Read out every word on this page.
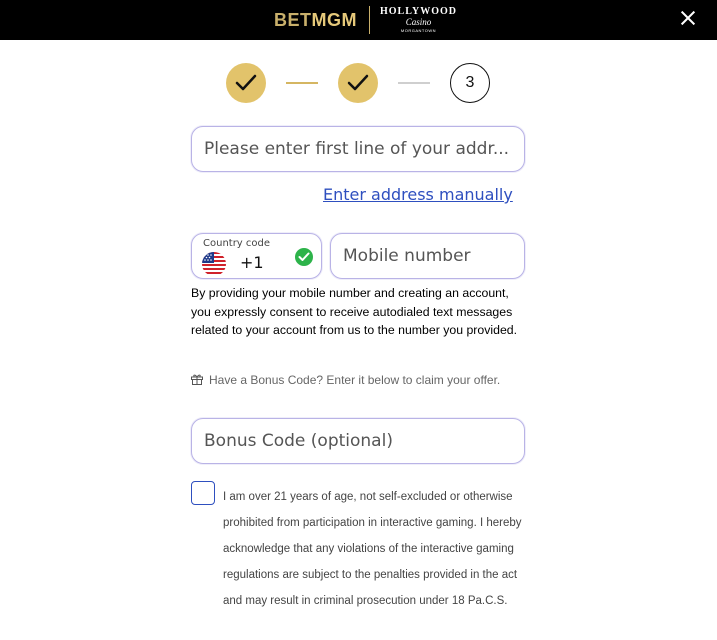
BETMGM HOLLYWOOD
Casino
MORGANTOWN
3
Please enter first line of your addr...
Enter address manually
Country code
+1
Mobile number

By providing your mobile number and creating an account, you expressly consent to receive autodialed text messages related to your account from us to the number you provided.

Have a Bonus Code? Enter it below to claim your offer.

Bonus Code (optional)

I am over 21 years of age, not self-excluded or otherwise prohibited from participation in interactive gaming. I hereby acknowledge that any violations of the interactive gaming regulations are subject to the penalties provided in the act and may result in criminal prosecution under 18 Pa.C.S.
